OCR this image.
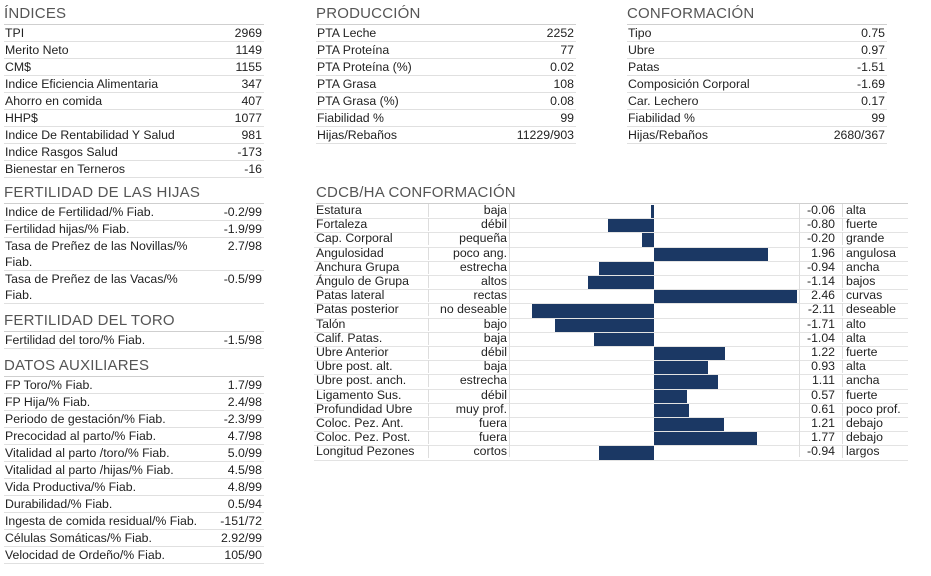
ÍNDICES	PRODUCCIÓN	CONFORMACIÓN
FERTILIDAD DE LAS HIJAS
FERTILIDAD DEL TORO
DATOS AUXILIARES
CDCB/HA CONFORMACIÓN
TPI	2969
Merito Neto	1149
CM$	1155
Indice Eficiencia Alimentaria	347
Ahorro en comida	407
HHP$	1077
Indice De Rentabilidad Y Salud	981
Indice Rasgos Salud	-173
Bienestar en Terneros	-16
PTA Leche	2252
PTA Proteína	77
PTA Proteína (%)	0.02
PTA Grasa	108
PTA Grasa (%)	0.08
Fiabilidad %	99
Hijas/Rebaños	11229/903
Tipo	0.75
Ubre	0.97
Patas	-1.51
Composición Corporal	-1.69
Car. Lechero	0.17
Fiabilidad %	99
Hijas/Rebaños	2680/367
Indice de Fertilidad/% Fiab.	-0.2/99
Fertilidad hijas/% Fiab.	-1.9/99
Tasa de Preñez de las Novillas/% Fiab.
2.7/98
Tasa de Preñez de las Vacas/% Fiab.
-0.5/99
Fertilidad del toro/% Fiab.	-1.5/98
FP Toro/% Fiab.	1.7/99
FP Hija/% Fiab.	2.4/98
Periodo de gestación/% Fiab.	-2.3/99
Precocidad al parto/% Fiab.	4.7/98
Vitalidad al parto /toro/% Fiab.	5.0/99
Vitalidad al parto /hijas/% Fiab.	4.5/98
Vida Productiva/% Fiab.	4.8/99
Durabilidad/% Fiab.	0.5/94
Ingesta de comida residual/% Fiab.	-151/72
Células Somáticas/% Fiab.	2.92/99
Velocidad de Ordeño/% Fiab.	105/90
Estatura	baja	-0.06 alta
Fortaleza	débil	-0.80 fuerte
Cap. Corporal	pequeña	-0.20 grande
Angulosidad	poco ang.	1.96 angulosa
Anchura Grupa	estrecha	-0.94 ancha
Ángulo de Grupa	altos	-1.14 bajos
Patas lateral	rectas	2.46 curvas
Patas posterior	no deseable	-2.11 deseable
Talón	bajo	-1.71 alto
Calif. Patas.	baja	-1.04 alta
Ubre Anterior	débil	1.22 fuerte
Ubre post. alt.	baja	0.93 alta
Ubre post. anch.	estrecha	1.11 ancha
Ligamento Sus.	débil	0.57 fuerte
Profundidad Ubre	muy prof.	0.61 poco prof.
Coloc. Pez. Ant.	fuera	1.21 debajo
Coloc. Pez. Post.	fuera	1.77 debajo
Longitud Pezones	cortos	-0.94 largos
